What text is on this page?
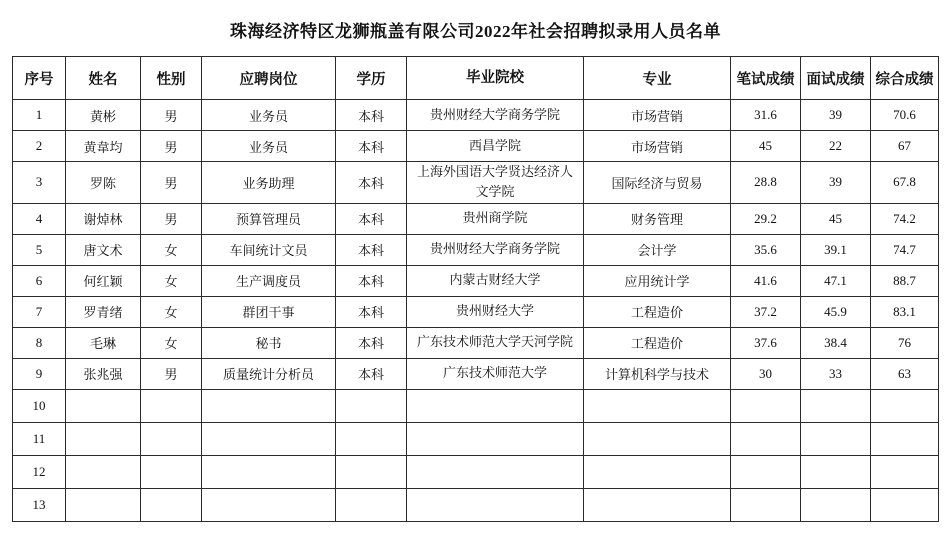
珠海经济特区龙狮瓶盖有限公司2022年社会招聘拟录用人员名单
序号	姓名	性别	应聘岗位	学历	毕业院校	专业	笔试成绩	面试成绩	综合成绩
1	黄彬	男	业务员	本科	贵州财经大学商务学院	市场营销	31.6	39	70.6
2	黄韋均	男	业务员	本科	西昌学院	市场营销	45	22	67
3	罗陈	男	业务助理	本科	上海外国语大学贤达经济人
文学院	国际经济与贸易	28.8	39	67.8
4	谢焯林	男	预算管理员	本科	贵州商学院	财务管理	29.2	45	74.2
5	唐文术	女	车间统计文员	本科	贵州财经大学商务学院	会计学	35.6	39.1	74.7
6	何红颖	女	生产调度员	本科	内蒙古财经大学	应用统计学	41.6	47.1	88.7
7	罗青绪	女	群团干事	本科	贵州财经大学	工程造价	37.2	45.9	83.1
8	毛琳	女	秘书	本科	广东技术师范大学天河学院	工程造价	37.6	38.4	76
9	张兆强	男	质量统计分析员	本科	广东技术师范大学	计算机科学与技术	30	33	63
10									
11									
12									
13									
